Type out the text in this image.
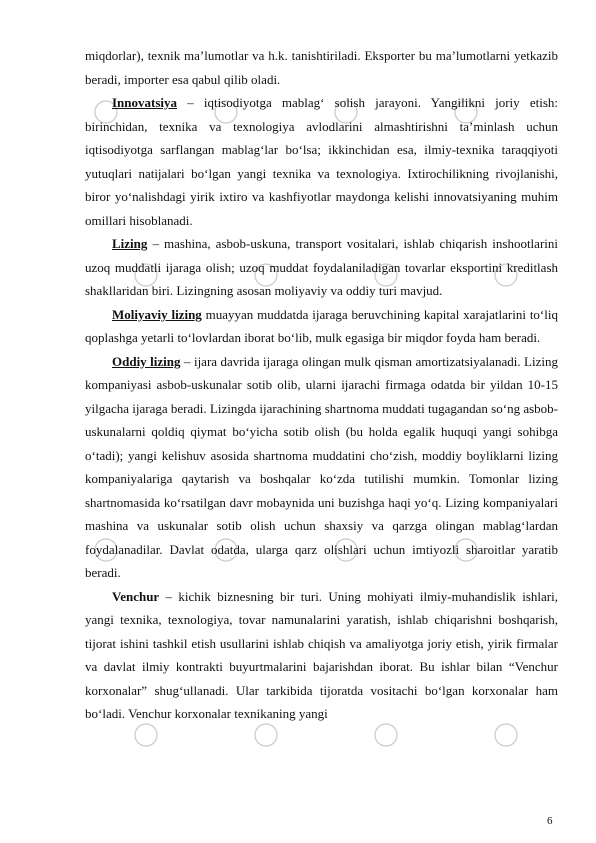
miqdorlar), texnik ma’lumotlar va h.k. tanishtiriladi. Eksporter bu ma’lumotlarni yetkazib beradi, importer esa qabul qilib oladi.

Innovatsiya – iqtisodiyotga mablag‘ solish jarayoni. Yangilikni joriy etish: birinchidan, texnika va texnologiya avlodlarini almashtirishni ta’minlash uchun iqtisodiyotga sarflangan mablag‘lar bo‘lsa; ikkinchidan esa, ilmiy-texnika taraqqiyoti yutuqlari natijalari bo‘lgan yangi texnika va texnologiya. Ixtirochilikning rivojlanishi, biror yo‘nalishdagi yirik ixtiro va kashfiyotlar maydonga kelishi innovatsiyaning muhim omillari hisoblanadi.

Lizing – mashina, asbob-uskuna, transport vositalari, ishlab chiqarish inshootlarini uzoq muddatli ijaraga olish; uzoq muddat foydalaniladigan tovarlar eksportini kreditlash shakllaridan biri. Lizingning asosan moliyaviy va oddiy turi mavjud.

Moliyaviy lizing muayyan muddatda ijaraga beruvchining kapital xarajatlarini to‘liq qoplashga yetarli to‘lovlardan iborat bo‘lib, mulk egasiga bir miqdor foyda ham beradi.

Oddiy lizing – ijara davrida ijaraga olingan mulk qisman amortizatsiyalanadi. Lizing kompaniyasi asbob-uskunalar sotib olib, ularni ijarachi firmaga odatda bir yildan 10-15 yilgacha ijaraga beradi. Lizingda ijarachining shartnoma muddati tugagandan so‘ng asbob-uskunalarni qoldiq qiymat bo‘yicha sotib olish (bu holda egalik huquqi yangi sohibga o‘tadi); yangi kelishuv asosida shartnoma muddatini cho‘zish, moddiy boyliklarni lizing kompaniyalariga qaytarish va boshqalar ko‘zda tutilishi mumkin. Tomonlar lizing shartnomasida ko‘rsatilgan davr mobaynida uni buzishga haqi yo‘q. Lizing kompaniyalari mashina va uskunalar sotib olish uchun shaxsiy va qarzga olingan mablag‘lardan foydalanadilar. Davlat odatda, ularga qarz olishlari uchun imtiyozli sharoitlar yaratib beradi.

Venchur – kichik biznesning bir turi. Uning mohiyati ilmiy-muhandislik ishlari, yangi texnika, texnologiya, tovar namunalarini yaratish, ishlab chiqarishni boshqarish, tijorat ishini tashkil etish usullarini ishlab chiqish va amaliyotga joriy etish, yirik firmalar va davlat ilmiy kontrakti buyurtmalarini bajarishdan iborat. Bu ishlar bilan “Venchur korxonalar” shug‘ullanadi. Ular tarkibida tijoratda vositachi bo‘lgan korxonalar ham bo‘ladi. Venchur korxonalar texnikaning yangi

6
